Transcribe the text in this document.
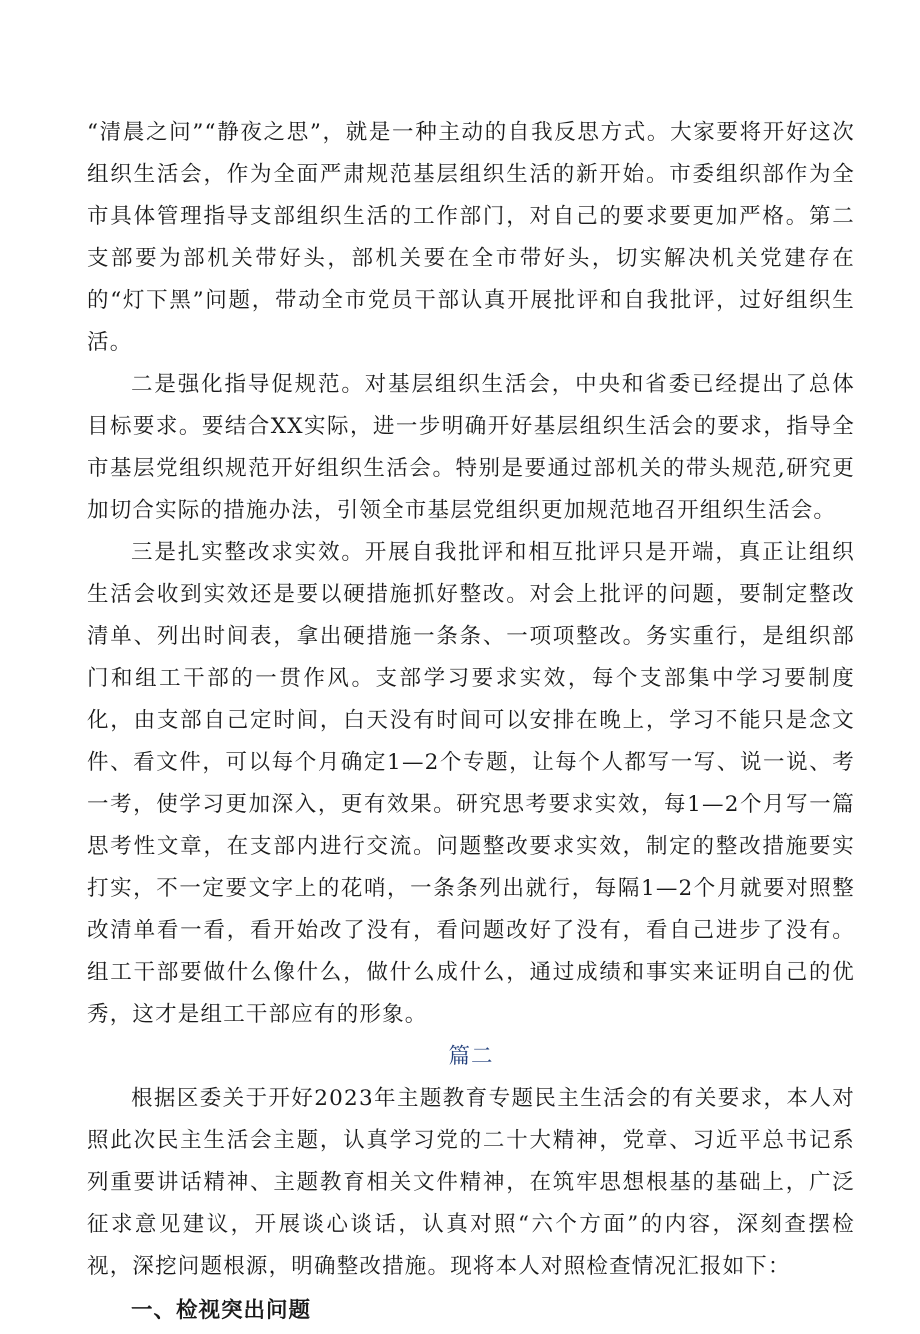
“清晨之问”“静夜之思”，就是一种主动的自我反思方式。大家要将开好这次组织生活会，作为全面严肃规范基层组织生活的新开始。市委组织部作为全市具体管理指导支部组织生活的工作部门，对自己的要求要更加严格。第二支部要为部机关带好头，部机关要在全市带好头，切实解决机关党建存在的“灯下黑”问题，带动全市党员干部认真开展批评和自我批评，过好组织生活。

二是强化指导促规范。对基层组织生活会，中央和省委已经提出了总体目标要求。要结合XX实际，进一步明确开好基层组织生活会的要求，指导全市基层党组织规范开好组织生活会。特别是要通过部机关的带头规范,研究更加切合实际的措施办法，引领全市基层党组织更加规范地召开组织生活会。

三是扎实整改求实效。开展自我批评和相互批评只是开端，真正让组织生活会收到实效还是要以硬措施抓好整改。对会上批评的问题，要制定整改清单、列出时间表，拿出硬措施一条条、一项项整改。务实重行，是组织部门和组工干部的一贯作风。支部学习要求实效，每个支部集中学习要制度化，由支部自己定时间，白天没有时间可以安排在晚上，学习不能只是念文件、看文件，可以每个月确定1—2个专题，让每个人都写一写、说一说、考一考，使学习更加深入，更有效果。研究思考要求实效，每1—2个月写一篇思考性文章，在支部内进行交流。问题整改要求实效，制定的整改措施要实打实，不一定要文字上的花哨，一条条列出就行，每隔1—2个月就要对照整改清单看一看，看开始改了没有，看问题改好了没有，看自己进步了没有。组工干部要做什么像什么，做什么成什么，通过成绩和事实来证明自己的优秀，这才是组工干部应有的形象。

篇二

根据区委关于开好2023年主题教育专题民主生活会的有关要求，本人对照此次民主生活会主题，认真学习党的二十大精神，党章、习近平总书记系列重要讲话精神、主题教育相关文件精神，在筑牢思想根基的基础上，广泛征求意见建议，开展谈心谈话，认真对照“六个方面”的内容，深刻查摆检视，深挖问题根源，明确整改措施。现将本人对照检查情况汇报如下：

一、检视突出问题
